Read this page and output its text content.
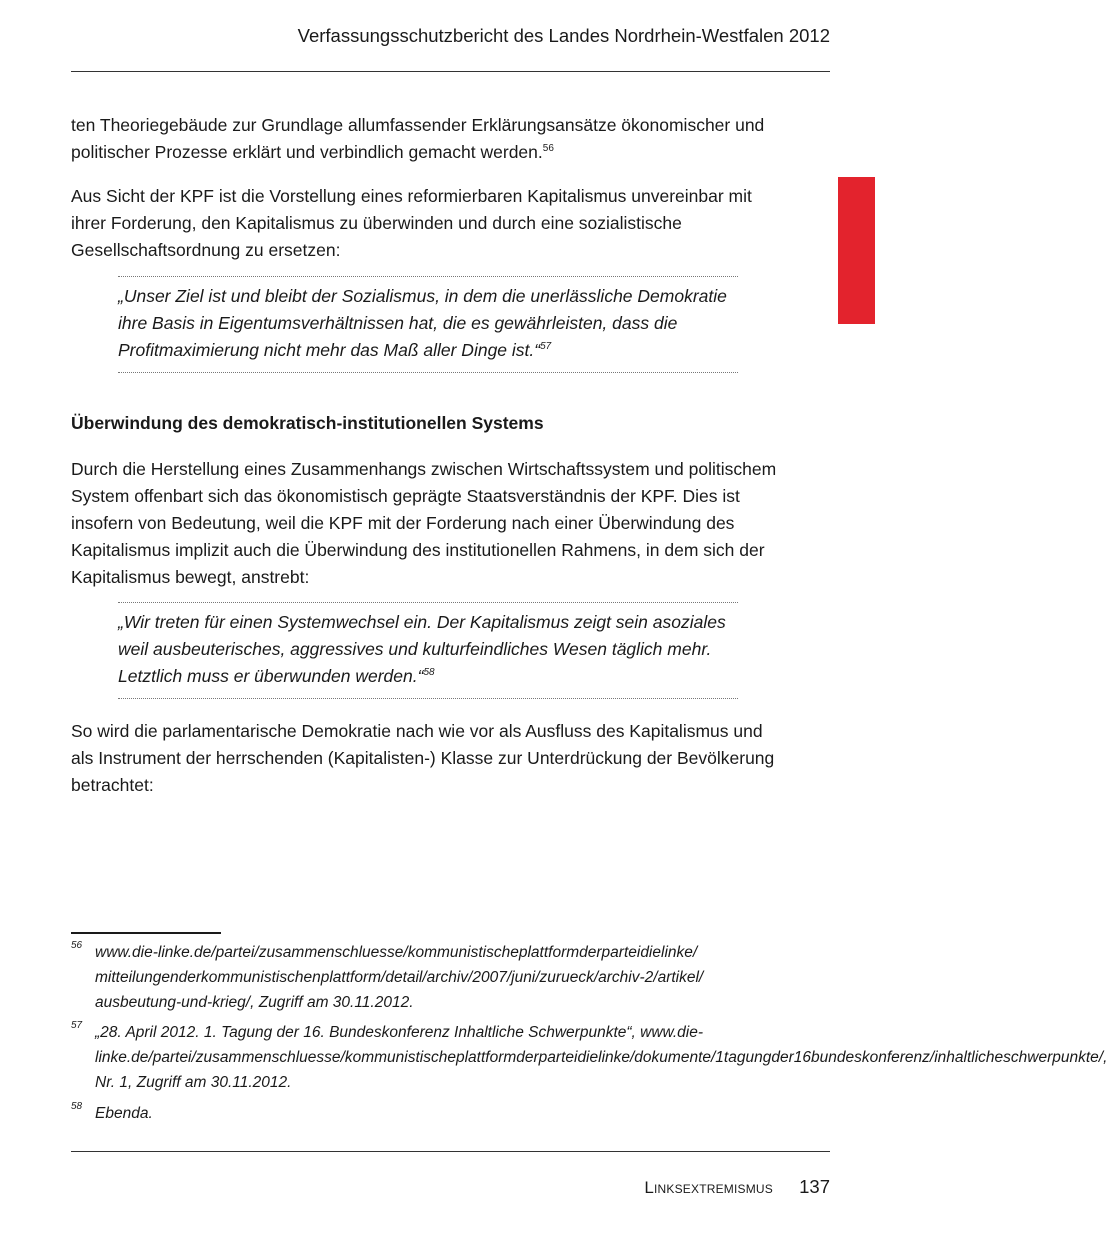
Verfassungsschutzbericht des Landes Nordrhein-Westfalen 2012

ten Theoriegebäude zur Grundlage allumfassender Erklärungsansätze ökonomischer und politischer Prozesse erklärt und verbindlich gemacht werden.$^{56}$

Aus Sicht der KPF ist die Vorstellung eines reformierbaren Kapitalismus unvereinbar mit ihrer Forderung, den Kapitalismus zu überwinden und durch eine sozialistische Gesellschaftsordnung zu ersetzen:

„Unser Ziel ist und bleibt der Sozialismus, in dem die unerlässliche Demokratie ihre Basis in Eigentumsverhältnissen hat, die es gewährleisten, dass die Profitmaximierung nicht mehr das Maß aller Dinge ist.“$^{57}$

Überwindung des demokratisch-institutionellen Systems

Durch die Herstellung eines Zusammenhangs zwischen Wirtschaftssystem und politischem System offenbart sich das ökonomistisch geprägte Staatsverständnis der KPF. Dies ist insofern von Bedeutung, weil die KPF mit der Forderung nach einer Überwindung des Kapitalismus implizit auch die Überwindung des institutionellen Rahmens, in dem sich der Kapitalismus bewegt, anstrebt:

„Wir treten für einen Systemwechsel ein. Der Kapitalismus zeigt sein asoziales weil ausbeuterisches, aggressives und kulturfeindliches Wesen täglich mehr. Letztlich muss er überwunden werden.“$^{58}$

So wird die parlamentarische Demokratie nach wie vor als Ausfluss des Kapitalismus und als Instrument der herrschenden (Kapitalisten-) Klasse zur Unterdrückung der Bevölkerung betrachtet:

56 www.die-linke.de/partei/zusammenschluesse/kommunistischeplattformderparteidielinke/ mitteilungenderkommunistischenplattform/detail/archiv/2007/juni/zurueck/archiv-2/artikel/ ausbeutung-und-krieg/, Zugriff am 30.11.2012.
57 „28. April 2012. 1. Tagung der 16. Bundeskonferenz Inhaltliche Schwerpunkte“, www.die-linke.de/partei/zusammenschluesse/kommunistischeplattformderparteidielinke/dokumente/1tagungder16bundeskonferenz/inhaltlicheschwerpunkte/, Nr. 1, Zugriff am 30.11.2012.
58 Ebenda.
Linksextremismus 137
